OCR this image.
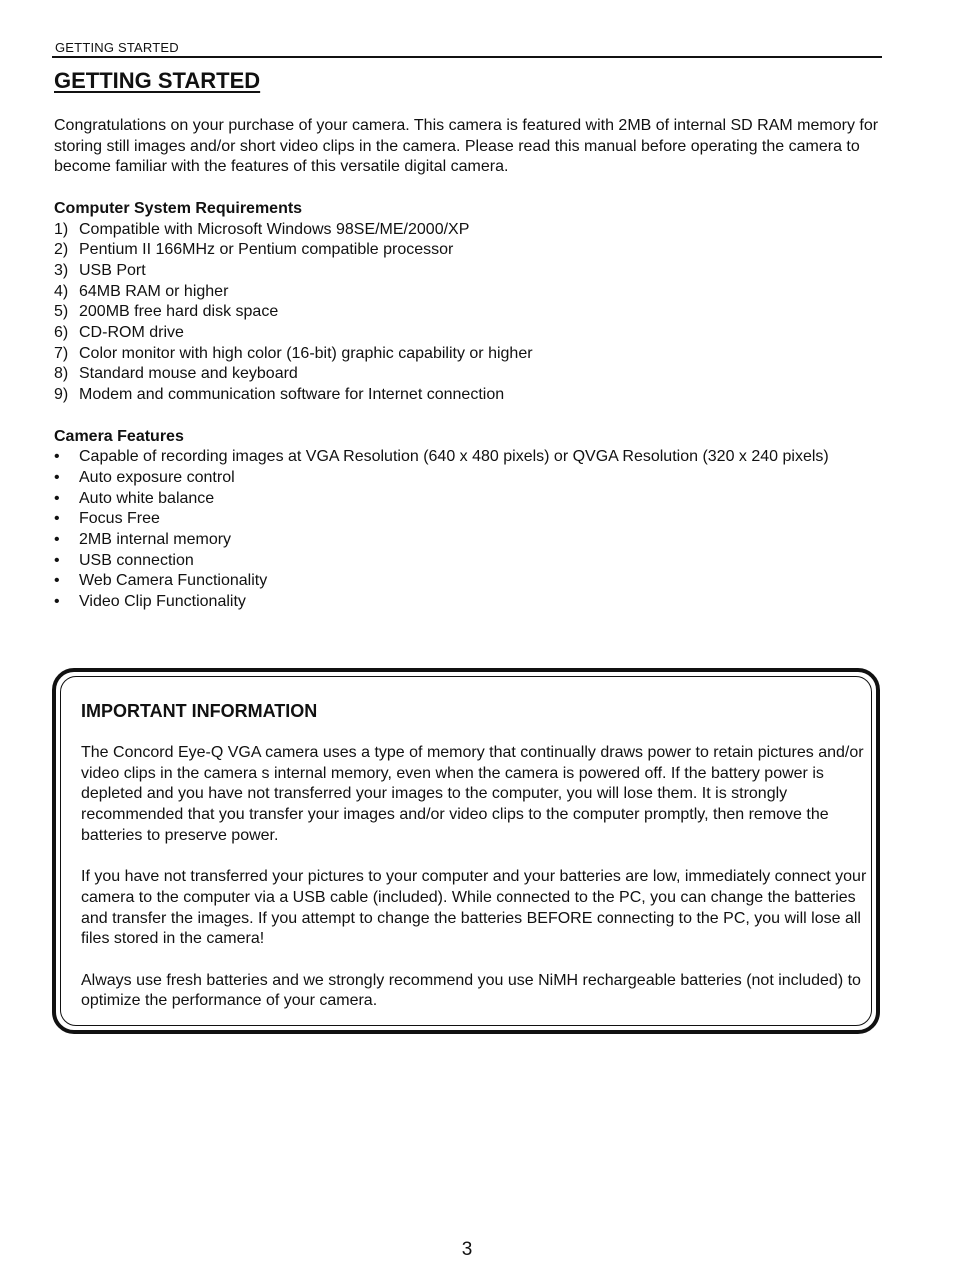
GETTING STARTED
GETTING STARTED

Congratulations on your purchase of your camera. This camera is featured with 2MB of internal SD RAM memory for storing still images and/or short video clips in the camera. Please read this manual before operating the camera to become familiar with the features of this versatile digital camera.

Computer System Requirements

1) Compatible with Microsoft Windows 98SE/ME/2000/XP
2) Pentium II 166MHz or Pentium compatible processor
3) USB Port
4) 64MB RAM or higher
5) 200MB free hard disk space
6) CD-ROM drive
7) Color monitor with high color (16-bit) graphic capability or higher
8) Standard mouse and keyboard
9) Modem and communication software for Internet connection

Camera Features

• Capable of recording images at VGA Resolution (640 x 480 pixels) or QVGA Resolution (320 x 240 pixels)
• Auto exposure control
• Auto white balance
• Focus Free
• 2MB internal memory
• USB connection
• Web Camera Functionality
• Video Clip Functionality
IMPORTANT INFORMATION

The Concord Eye-Q VGA camera uses a type of memory that continually draws power to retain pictures and/or video clips in the camera s internal memory, even when the camera is powered off. If the battery power is depleted and you have not transferred your images to the computer, you will lose them. It is strongly recommended that you transfer your images and/or video clips to the computer promptly, then remove the batteries to preserve power.

If you have not transferred your pictures to your computer and your batteries are low, immediately connect your camera to the computer via a USB cable (included). While connected to the PC, you can change the batteries and transfer the images. If you attempt to change the batteries BEFORE connecting to the PC, you will lose all files stored in the camera!

Always use fresh batteries and we strongly recommend you use NiMH rechargeable batteries (not included) to optimize the performance of your camera.

3
